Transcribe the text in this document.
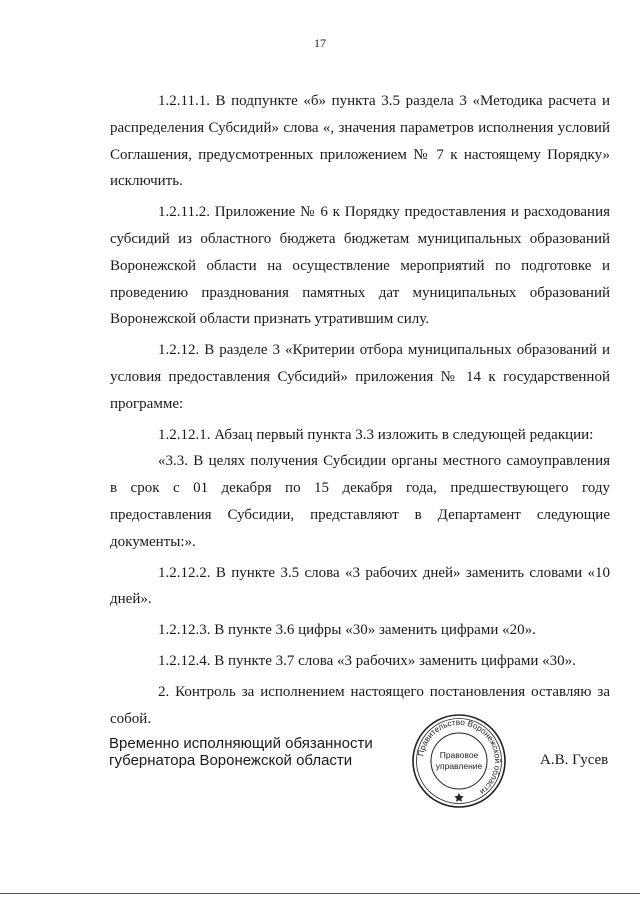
17

1.2.11.1. В подпункте «б» пункта 3.5 раздела 3 «Методика расчета и распределения Субсидий» слова «, значения параметров исполнения условий Соглашения, предусмотренных приложением № 7 к настоящему Порядку» исключить.

1.2.11.2. Приложение № 6 к Порядку предоставления и расходования субсидий из областного бюджета бюджетам муниципальных образований Воронежской области на осуществление мероприятий по подготовке и проведению празднования памятных дат муниципальных образований Воронежской области признать утратившим силу.

1.2.12. В разделе 3 «Критерии отбора муниципальных образований и условия предоставления Субсидий» приложения № 14 к государственной программе:

1.2.12.1. Абзац первый пункта 3.3 изложить в следующей редакции:

«3.3. В целях получения Субсидии органы местного самоуправления в срок с 01 декабря по 15 декабря года, предшествующего году предоставления Субсидии, представляют в Департамент следующие документы:».

1.2.12.2. В пункте 3.5 слова «3 рабочих дней» заменить словами «10 дней».

1.2.12.3. В пункте 3.6 цифры «30» заменить цифрами «20».

1.2.12.4. В пункте 3.7 слова «3 рабочих» заменить цифрами «30».

2. Контроль за исполнением настоящего постановления оставляю за собой.

Временно исполняющий обязанности
губернатора Воронежской области	Правительство Воронежской области
Правовое
управление	А.В. Гусев
